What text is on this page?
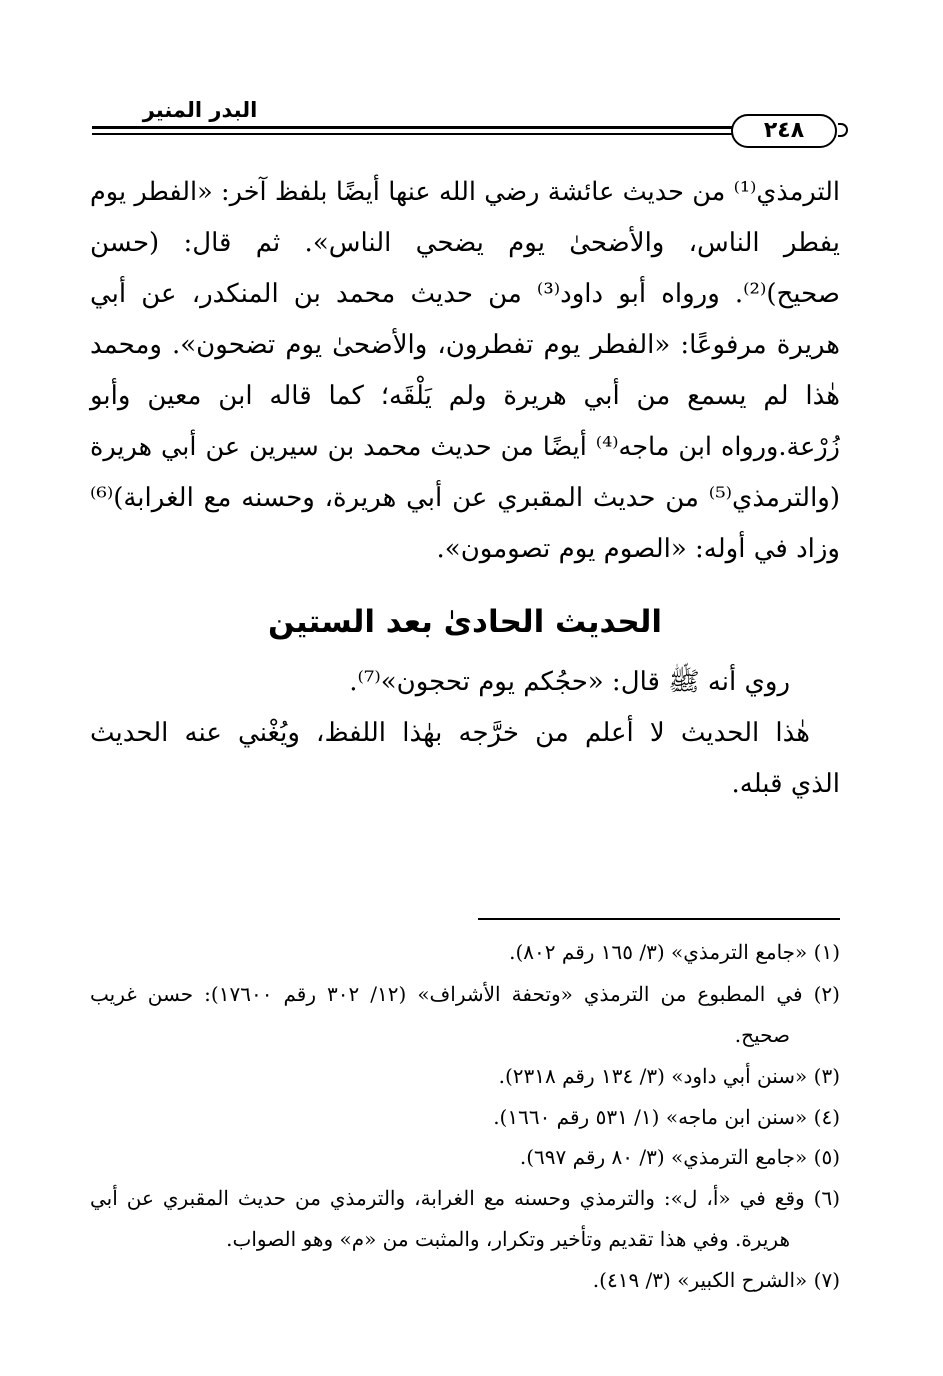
البدر المنير
٢٤٨
الترمذي⁽¹⁾ من حديث عائشة رضي الله عنها أيضًا بلفظ آخر: «الفطر يوم
يفطر الناس، والأضحىٰ يوم يضحي الناس». ثم قال: (حسن
صحيح)⁽²⁾. ورواه أبو داود⁽³⁾ من حديث محمد بن المنكدر، عن أبي
هريرة مرفوعًا: «الفطر يوم تفطرون، والأضحىٰ يوم تضحون». ومحمد
هٰذا لم يسمع من أبي هريرة ولم يَلْقَه؛ كما قاله ابن معين وأبو
زُرْعة.ورواه ابن ماجه⁽⁴⁾ أيضًا من حديث محمد بن سيرين عن أبي هريرة
(والترمذي⁽⁵⁾ من حديث المقبري عن أبي هريرة، وحسنه مع الغرابة)⁽⁶⁾
وزاد في أوله: «الصوم يوم تصومون».
الحديث الحادىٰ بعد الستين
روي أنه ﷺ قال: «حجُكم يوم تحجون»⁽⁷⁾.
هٰذا الحديث لا أعلم من خرَّجه بهٰذا اللفظ، ويُغْني عنه الحديث
الذي قبله.
(١) «جامع الترمذي» (٣/ ١٦٥ رقم ٨٠٢).
(٢) في المطبوع من الترمذي «وتحفة الأشراف» (١٢/ ٣٠٢ رقم ١٧٦٠٠): حسن غريب
صحيح.
(٣) «سنن أبي داود» (٣/ ١٣٤ رقم ٢٣١٨).
(٤) «سنن ابن ماجه» (١/ ٥٣١ رقم ١٦٦٠).
(٥) «جامع الترمذي» (٣/ ٨٠ رقم ٦٩٧).
(٦) وقع في «أ، ل»: والترمذي وحسنه مع الغرابة، والترمذي من حديث المقبري عن أبي
هريرة. وفي هذا تقديم وتأخير وتكرار، والمثبت من «م» وهو الصواب.
(٧) «الشرح الكبير» (٣/ ٤١٩).
